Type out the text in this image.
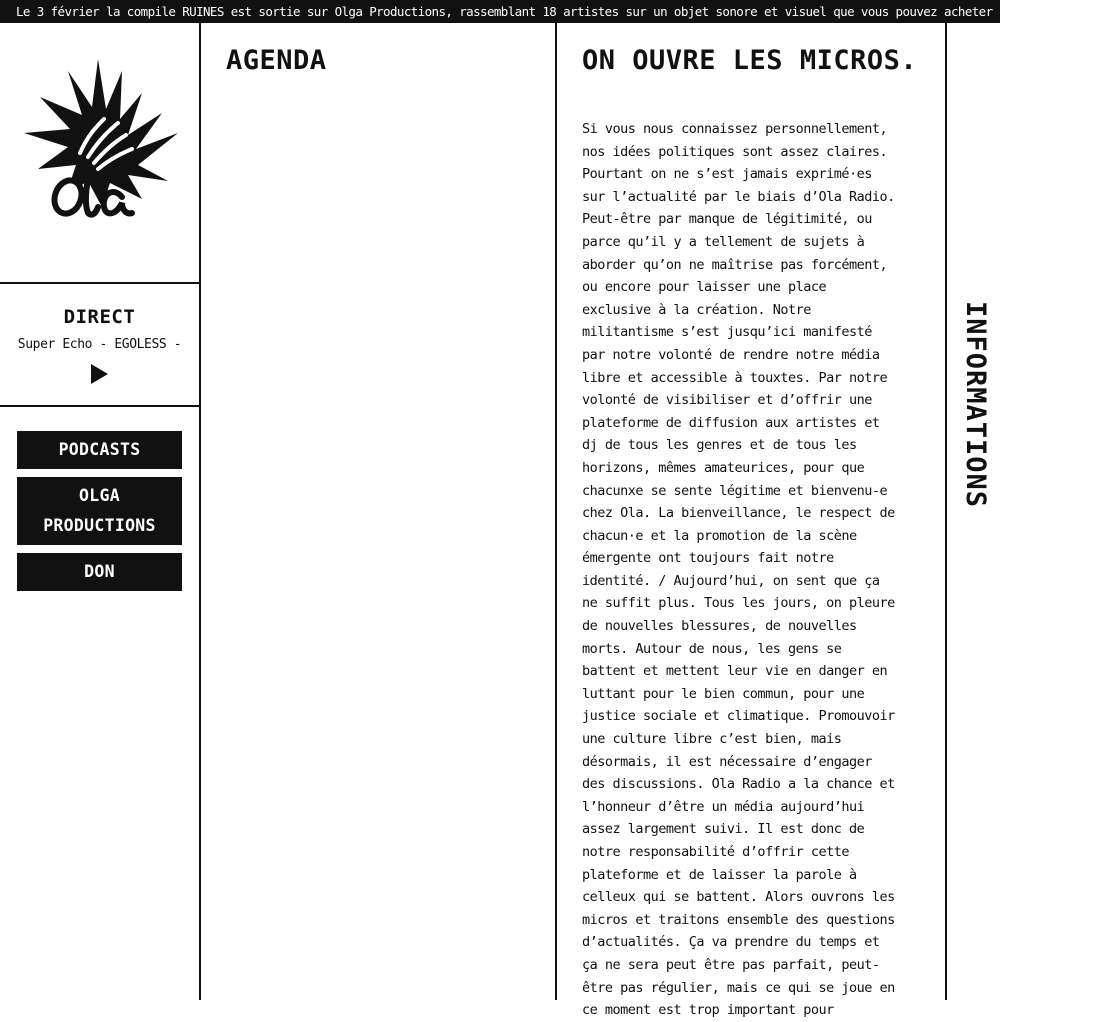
Le 3 février la compile RUINES est sortie sur Olga Productions, rassemblant 18 artistes sur un objet sonore et visuel que vous pouvez acheter sur Bandcamp (on
DIRECT
Super Echo - EGOLESS -
PODCASTS
OLGA PRODUCTIONS
DON
AGENDA	ON OUVRE LES MICROS.

Si vous nous connaissez personnellement, nos idées politiques sont assez claires. Pourtant on ne s’est jamais exprimé·es sur l’actualité par le biais d’Ola Radio. Peut-être par manque de légitimité, ou parce qu’il y a tellement de sujets à aborder qu’on ne maîtrise pas forcément, ou encore pour laisser une place exclusive à la création. Notre militantisme s’est jusqu’ici manifesté par notre volonté de rendre notre média libre et accessible à touxtes. Par notre volonté de visibiliser et d’offrir une plateforme de diffusion aux artistes et dj de tous les genres et de tous les horizons, mêmes amateurices, pour que chacunxe se sente légitime et bienvenu-e chez Ola. La bienveillance, le respect de chacun·e et la promotion de la scène émergente ont toujours fait notre identité. / Aujourd’hui, on sent que ça ne suffit plus. Tous les jours, on pleure de nouvelles blessures, de nouvelles morts. Autour de nous, les gens se battent et mettent leur vie en danger en luttant pour le bien commun, pour une justice sociale et climatique. Promouvoir une culture libre c’est bien, mais désormais, il est nécessaire d’engager des discussions. Ola Radio a la chance et l’honneur d’être un média aujourd’hui assez largement suivi. Il est donc de notre responsabilité d’offrir cette plateforme et de laisser la parole à celleux qui se battent. Alors ouvrons les micros et traitons ensemble des questions d’actualités. Ça va prendre du temps et ça ne sera peut être pas parfait, peut-être pas régulier, mais ce qui se joue en ce moment est trop important pour

INFORMATIONS
